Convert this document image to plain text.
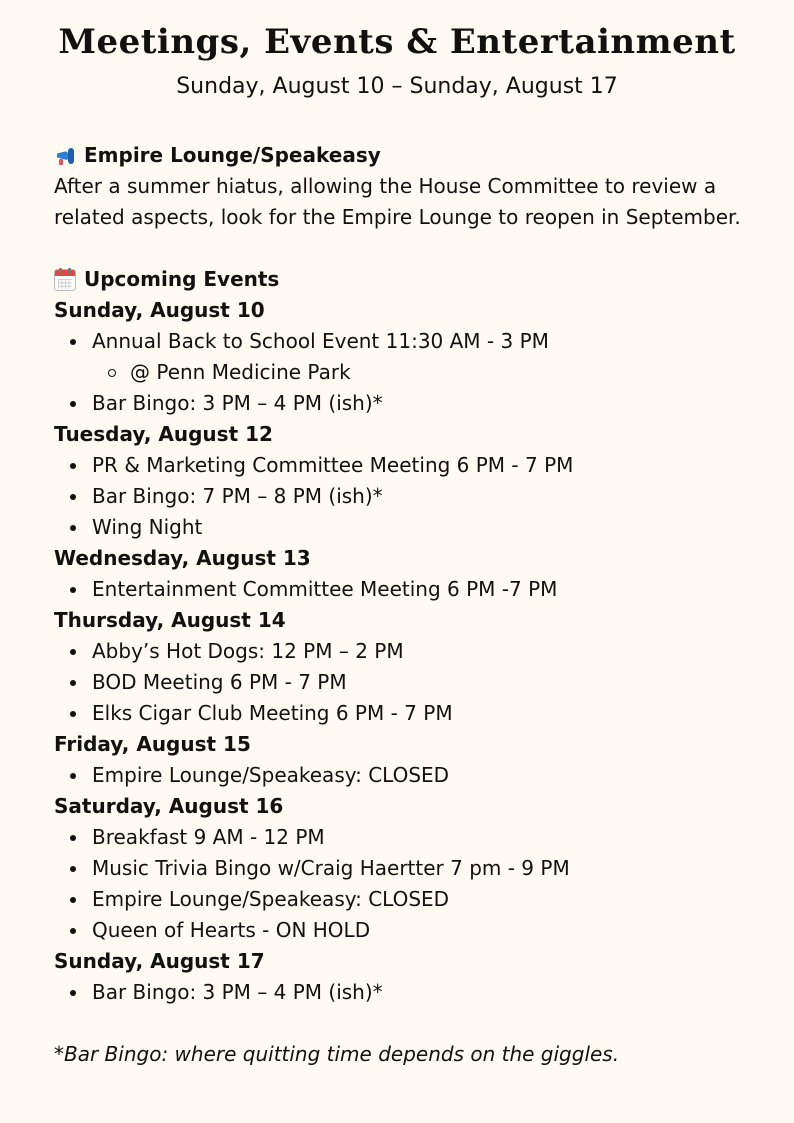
Meetings, Events & Entertainment

Sunday, August 10 – Sunday, August 17

Empire Lounge/Speakeasy

After a summer hiatus, allowing the House Committee to review a related aspects, look for the Empire Lounge to reopen in September.

Upcoming Events

Sunday, August 10

Annual Back to School Event 11:30 AM - 3 PM
@ Penn Medicine Park
Bar Bingo: 3 PM – 4 PM (ish)*

Tuesday, August 12

PR & Marketing Committee Meeting 6 PM - 7 PM
Bar Bingo: 7 PM – 8 PM (ish)*
Wing Night

Wednesday, August 13

Entertainment Committee Meeting 6 PM -7 PM

Thursday, August 14

Abby’s Hot Dogs: 12 PM – 2 PM
BOD Meeting 6 PM - 7 PM
Elks Cigar Club Meeting 6 PM - 7 PM

Friday, August 15

Empire Lounge/Speakeasy: CLOSED

Saturday, August 16

Breakfast 9 AM - 12 PM
Music Trivia Bingo w/Craig Haertter 7 pm - 9 PM
Empire Lounge/Speakeasy: CLOSED
Queen of Hearts - ON HOLD

Sunday, August 17

Bar Bingo: 3 PM – 4 PM (ish)*

*Bar Bingo: where quitting time depends on the giggles.
